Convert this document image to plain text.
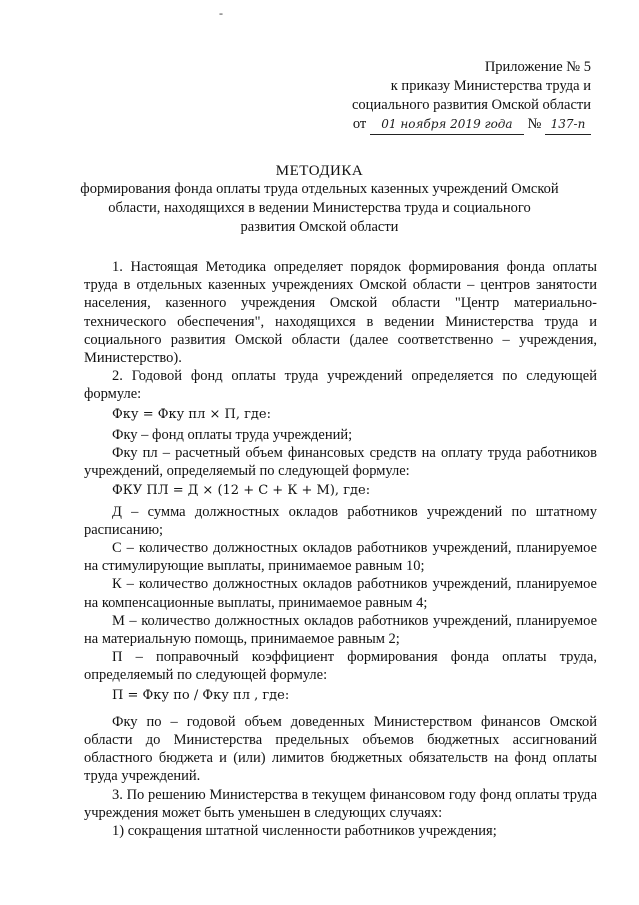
-
Приложение № 5
к приказу Министерства труда и
социального развития Омской области
от 01 ноября 2019 года № 137-п
МЕТОДИКА
формирования фонда оплаты труда отдельных казенных учреждений Омской области, находящихся в ведении Министерства труда и социального развития Омской области

1. Настоящая Методика определяет порядок формирования фонда оплаты труда в отдельных казенных учреждениях Омской области – центров занятости населения, казенного учреждения Омской области "Центр материально-технического обеспечения", находящихся в ведении Министерства труда и социального развития Омской области (далее соответственно – учреждения, Министерство).

2. Годовой фонд оплаты труда учреждений определяется по следующей формуле:

Фку = Фку пл × П, где:

Фку – фонд оплаты труда учреждений;

Фку пл – расчетный объем финансовых средств на оплату труда работников учреждений, определяемый по следующей формуле:

ФКУ ПЛ = Д × (12 + С + К + М), где:

Д – сумма должностных окладов работников учреждений по штатному расписанию;

С – количество должностных окладов работников учреждений, планируемое на стимулирующие выплаты, принимаемое равным 10;

К – количество должностных окладов работников учреждений, планируемое на компенсационные выплаты, принимаемое равным 4;

М – количество должностных окладов работников учреждений, планируемое на материальную помощь, принимаемое равным 2;

П – поправочный коэффициент формирования фонда оплаты труда, определяемый по следующей формуле:

П = Фку по / Фку пл , где:

Фку по – годовой объем доведенных Министерством финансов Омской области до Министерства предельных объемов бюджетных ассигнований областного бюджета и (или) лимитов бюджетных обязательств на фонд оплаты труда учреждений.

3. По решению Министерства в текущем финансовом году фонд оплаты труда учреждения может быть уменьшен в следующих случаях:

1) сокращения штатной численности работников учреждения;
